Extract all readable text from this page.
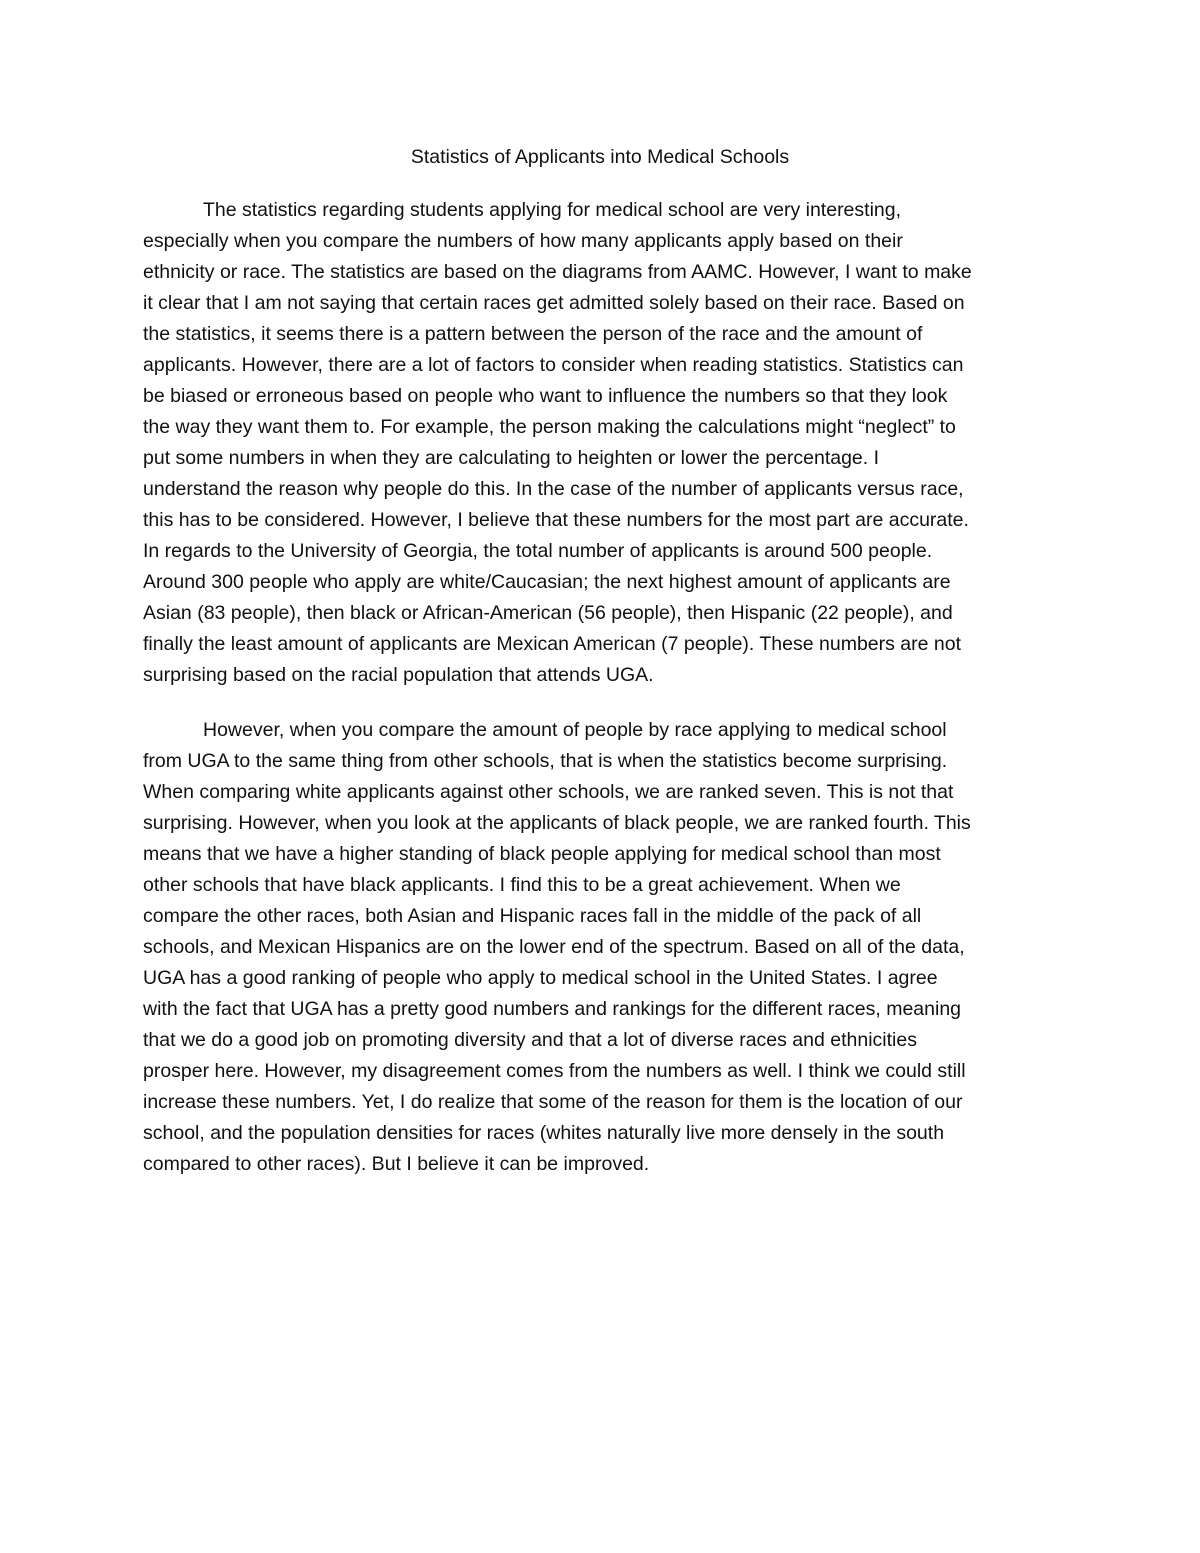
Statistics of Applicants into Medical Schools
The statistics regarding students applying for medical school are very interesting,
especially when you compare the numbers of how many applicants apply based on their
ethnicity or race. The statistics are based on the diagrams from AAMC. However, I want to make
it clear that I am not saying that certain races get admitted solely based on their race. Based on
the statistics, it seems there is a pattern between the person of the race and the amount of
applicants. However, there are a lot of factors to consider when reading statistics. Statistics can
be biased or erroneous based on people who want to influence the numbers so that they look
the way they want them to. For example, the person making the calculations might “neglect” to
put some numbers in when they are calculating to heighten or lower the percentage. I
understand the reason why people do this. In the case of the number of applicants versus race,
this has to be considered. However, I believe that these numbers for the most part are accurate.
In regards to the University of Georgia, the total number of applicants is around 500 people.
Around 300 people who apply are white/Caucasian; the next highest amount of applicants are
Asian (83 people), then black or African-American (56 people), then Hispanic (22 people), and
finally the least amount of applicants are Mexican American (7 people). These numbers are not
surprising based on the racial population that attends UGA.
However, when you compare the amount of people by race applying to medical school
from UGA to the same thing from other schools, that is when the statistics become surprising.
When comparing white applicants against other schools, we are ranked seven. This is not that
surprising. However, when you look at the applicants of black people, we are ranked fourth. This
means that we have a higher standing of black people applying for medical school than most
other schools that have black applicants. I find this to be a great achievement. When we
compare the other races, both Asian and Hispanic races fall in the middle of the pack of all
schools, and Mexican Hispanics are on the lower end of the spectrum. Based on all of the data,
UGA has a good ranking of people who apply to medical school in the United States. I agree
with the fact that UGA has a pretty good numbers and rankings for the different races, meaning
that we do a good job on promoting diversity and that a lot of diverse races and ethnicities
prosper here. However, my disagreement comes from the numbers as well. I think we could still
increase these numbers. Yet, I do realize that some of the reason for them is the location of our
school, and the population densities for races (whites naturally live more densely in the south
compared to other races). But I believe it can be improved.
